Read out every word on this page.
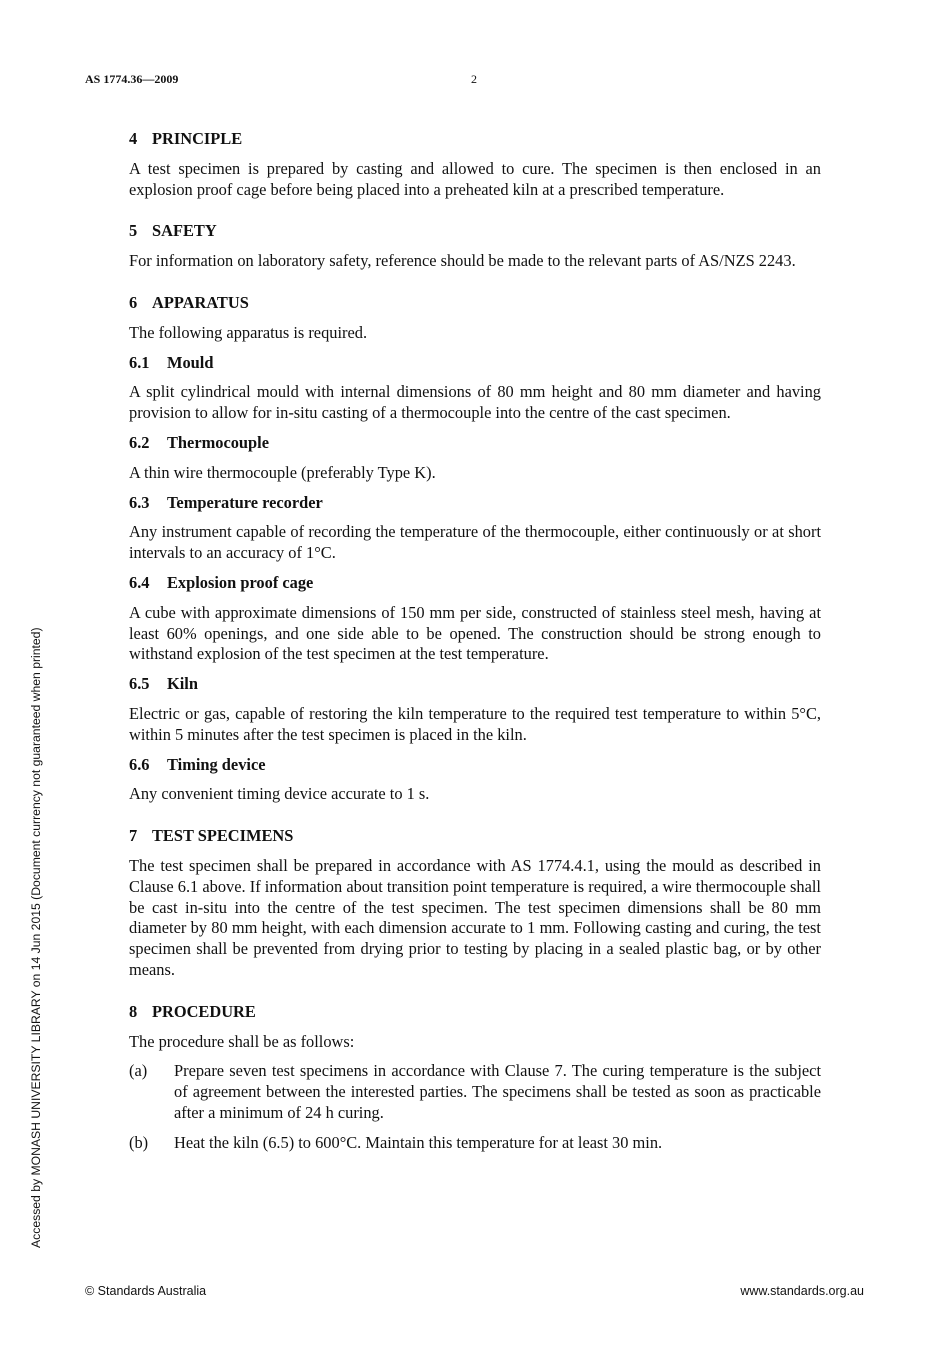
AS 1774.36—2009	2
4 PRINCIPLE

A test specimen is prepared by casting and allowed to cure. The specimen is then enclosed in an explosion proof cage before being placed into a preheated kiln at a prescribed temperature.

5 SAFETY

For information on laboratory safety, reference should be made to the relevant parts of AS/NZS 2243.

6 APPARATUS

The following apparatus is required.

6.1 Mould

A split cylindrical mould with internal dimensions of 80 mm height and 80 mm diameter and having provision to allow for in-situ casting of a thermocouple into the centre of the cast specimen.

6.2 Thermocouple

A thin wire thermocouple (preferably Type K).

6.3 Temperature recorder

Any instrument capable of recording the temperature of the thermocouple, either continuously or at short intervals to an accuracy of 1°C.

6.4 Explosion proof cage

A cube with approximate dimensions of 150 mm per side, constructed of stainless steel mesh, having at least 60% openings, and one side able to be opened. The construction should be strong enough to withstand explosion of the test specimen at the test temperature.

6.5 Kiln

Electric or gas, capable of restoring the kiln temperature to the required test temperature to within 5°C, within 5 minutes after the test specimen is placed in the kiln.

6.6 Timing device

Any convenient timing device accurate to 1 s.

7 TEST SPECIMENS

The test specimen shall be prepared in accordance with AS 1774.4.1, using the mould as described in Clause 6.1 above. If information about transition point temperature is required, a wire thermocouple shall be cast in-situ into the centre of the test specimen. The test specimen dimensions shall be 80 mm diameter by 80 mm height, with each dimension accurate to 1 mm. Following casting and curing, the test specimen shall be prevented from drying prior to testing by placing in a sealed plastic bag, or by other means.

8 PROCEDURE

The procedure shall be as follows:

(a)	Prepare seven test specimens in accordance with Clause 7. The curing temperature is the subject of agreement between the interested parties. The specimens shall be tested as soon as practicable after a minimum of 24 h curing.
(b)	Heat the kiln (6.5) to 600°C. Maintain this temperature for at least 30 min.
Accessed by MONASH UNIVERSITY LIBRARY on 14 Jun 2015 (Document currency not guaranteed when printed)
© Standards Australia	www.standards.org.au
